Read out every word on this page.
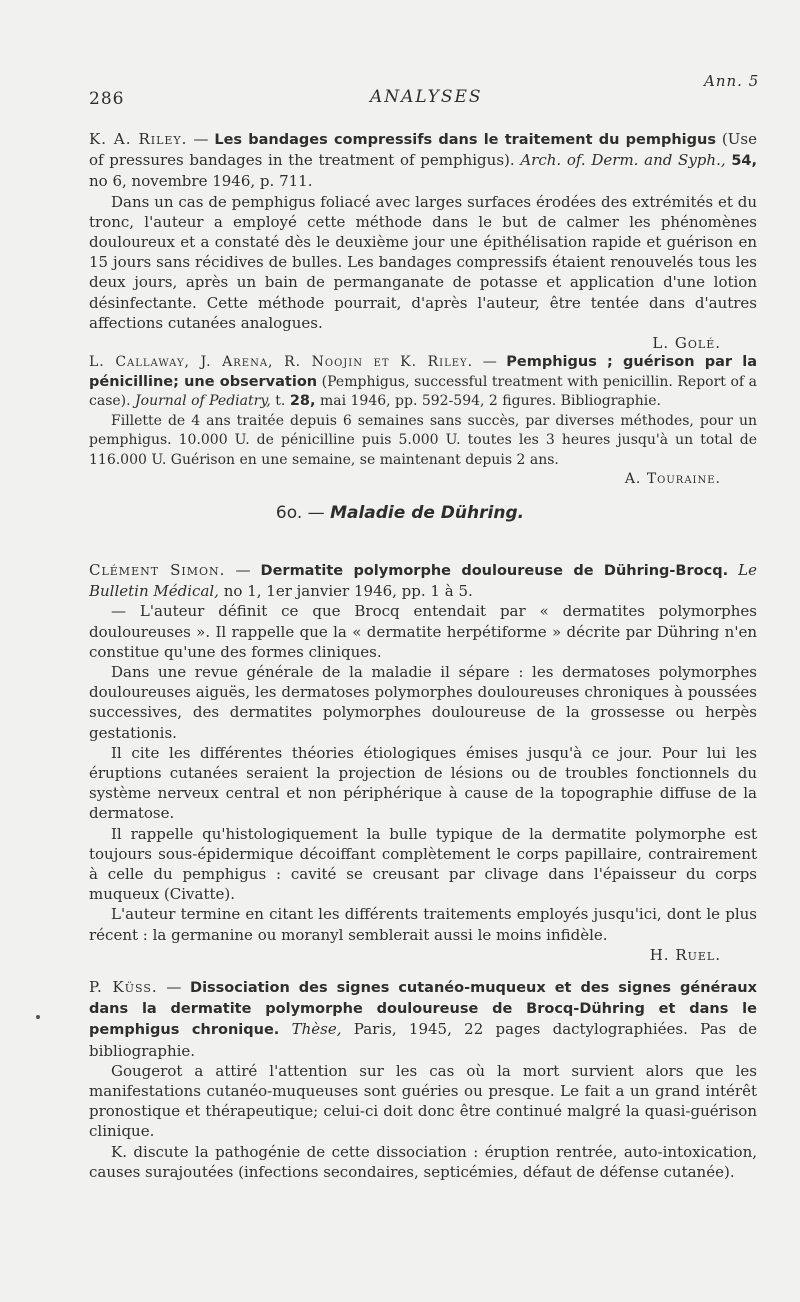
Ann. 5
286	ANALYSES

K. A. Riley. — Les bandages compressifs dans le traitement du pemphigus (Use of pressures bandages in the treatment of pemphigus). Arch. of. Derm. and Syph., 54, no 6, novembre 1946, p. 711.

Dans un cas de pemphigus foliacé avec larges surfaces érodées des extrémités et du tronc, l'auteur a employé cette méthode dans le but de calmer les phénomènes douloureux et a constaté dès le deuxième jour une épithélisation rapide et guérison en 15 jours sans récidives de bulles. Les bandages compressifs étaient renouvelés tous les deux jours, après un bain de permanganate de potasse et application d'une lotion désinfectante. Cette méthode pourrait, d'après l'auteur, être tentée dans d'autres affections cutanées analogues.

L. Golé.

L. Callaway, J. Arena, R. Noojin et K. Riley. — Pemphigus ; guérison par la pénicilline; une observation (Pemphigus, successful treatment with penicillin. Report of a case). Journal of Pediatry, t. 28, mai 1946, pp. 592-594, 2 figures. Bibliographie.

Fillette de 4 ans traitée depuis 6 semaines sans succès, par diverses méthodes, pour un pemphigus. 10.000 U. de pénicilline puis 5.000 U. toutes les 3 heures jusqu'à un total de 116.000 U. Guérison en une semaine, se maintenant depuis 2 ans.

A. Touraine.

6o. — Maladie de Dühring.

Clément Simon. — Dermatite polymorphe douloureuse de Dühring-Brocq. Le Bulletin Médical, no 1, 1er janvier 1946, pp. 1 à 5.

— L'auteur définit ce que Brocq entendait par « dermatites polymorphes douloureuses ». Il rappelle que la « dermatite herpétiforme » décrite par Dühring n'en constitue qu'une des formes cliniques.

Dans une revue générale de la maladie il sépare : les dermatoses polymorphes douloureuses aiguës, les dermatoses polymorphes douloureuses chroniques à poussées successives, des dermatites polymorphes douloureuse de la grossesse ou herpès gestationis.

Il cite les différentes théories étiologiques émises jusqu'à ce jour. Pour lui les éruptions cutanées seraient la projection de lésions ou de troubles fonctionnels du système nerveux central et non périphérique à cause de la topographie diffuse de la dermatose.

Il rappelle qu'histologiquement la bulle typique de la dermatite polymorphe est toujours sous-épidermique décoiffant complètement le corps papillaire, contrairement à celle du pemphigus : cavité se creusant par clivage dans l'épaisseur du corps muqueux (Civatte).

L'auteur termine en citant les différents traitements employés jusqu'ici, dont le plus récent : la germanine ou moranyl semblerait aussi le moins infidèle.

H. Ruel.

P. Küss. — Dissociation des signes cutanéo-muqueux et des signes généraux dans la dermatite polymorphe douloureuse de Brocq-Dühring et dans le pemphigus chronique. Thèse, Paris, 1945, 22 pages dactylographiées. Pas de bibliographie.

Gougerot a attiré l'attention sur les cas où la mort survient alors que les manifestations cutanéo-muqueuses sont guéries ou presque. Le fait a un grand intérêt pronostique et thérapeutique; celui-ci doit donc être continué malgré la quasi-guérison clinique.

K. discute la pathogénie de cette dissociation : éruption rentrée, auto-intoxication, causes surajoutées (infections secondaires, septicémies, défaut de défense cutanée).
